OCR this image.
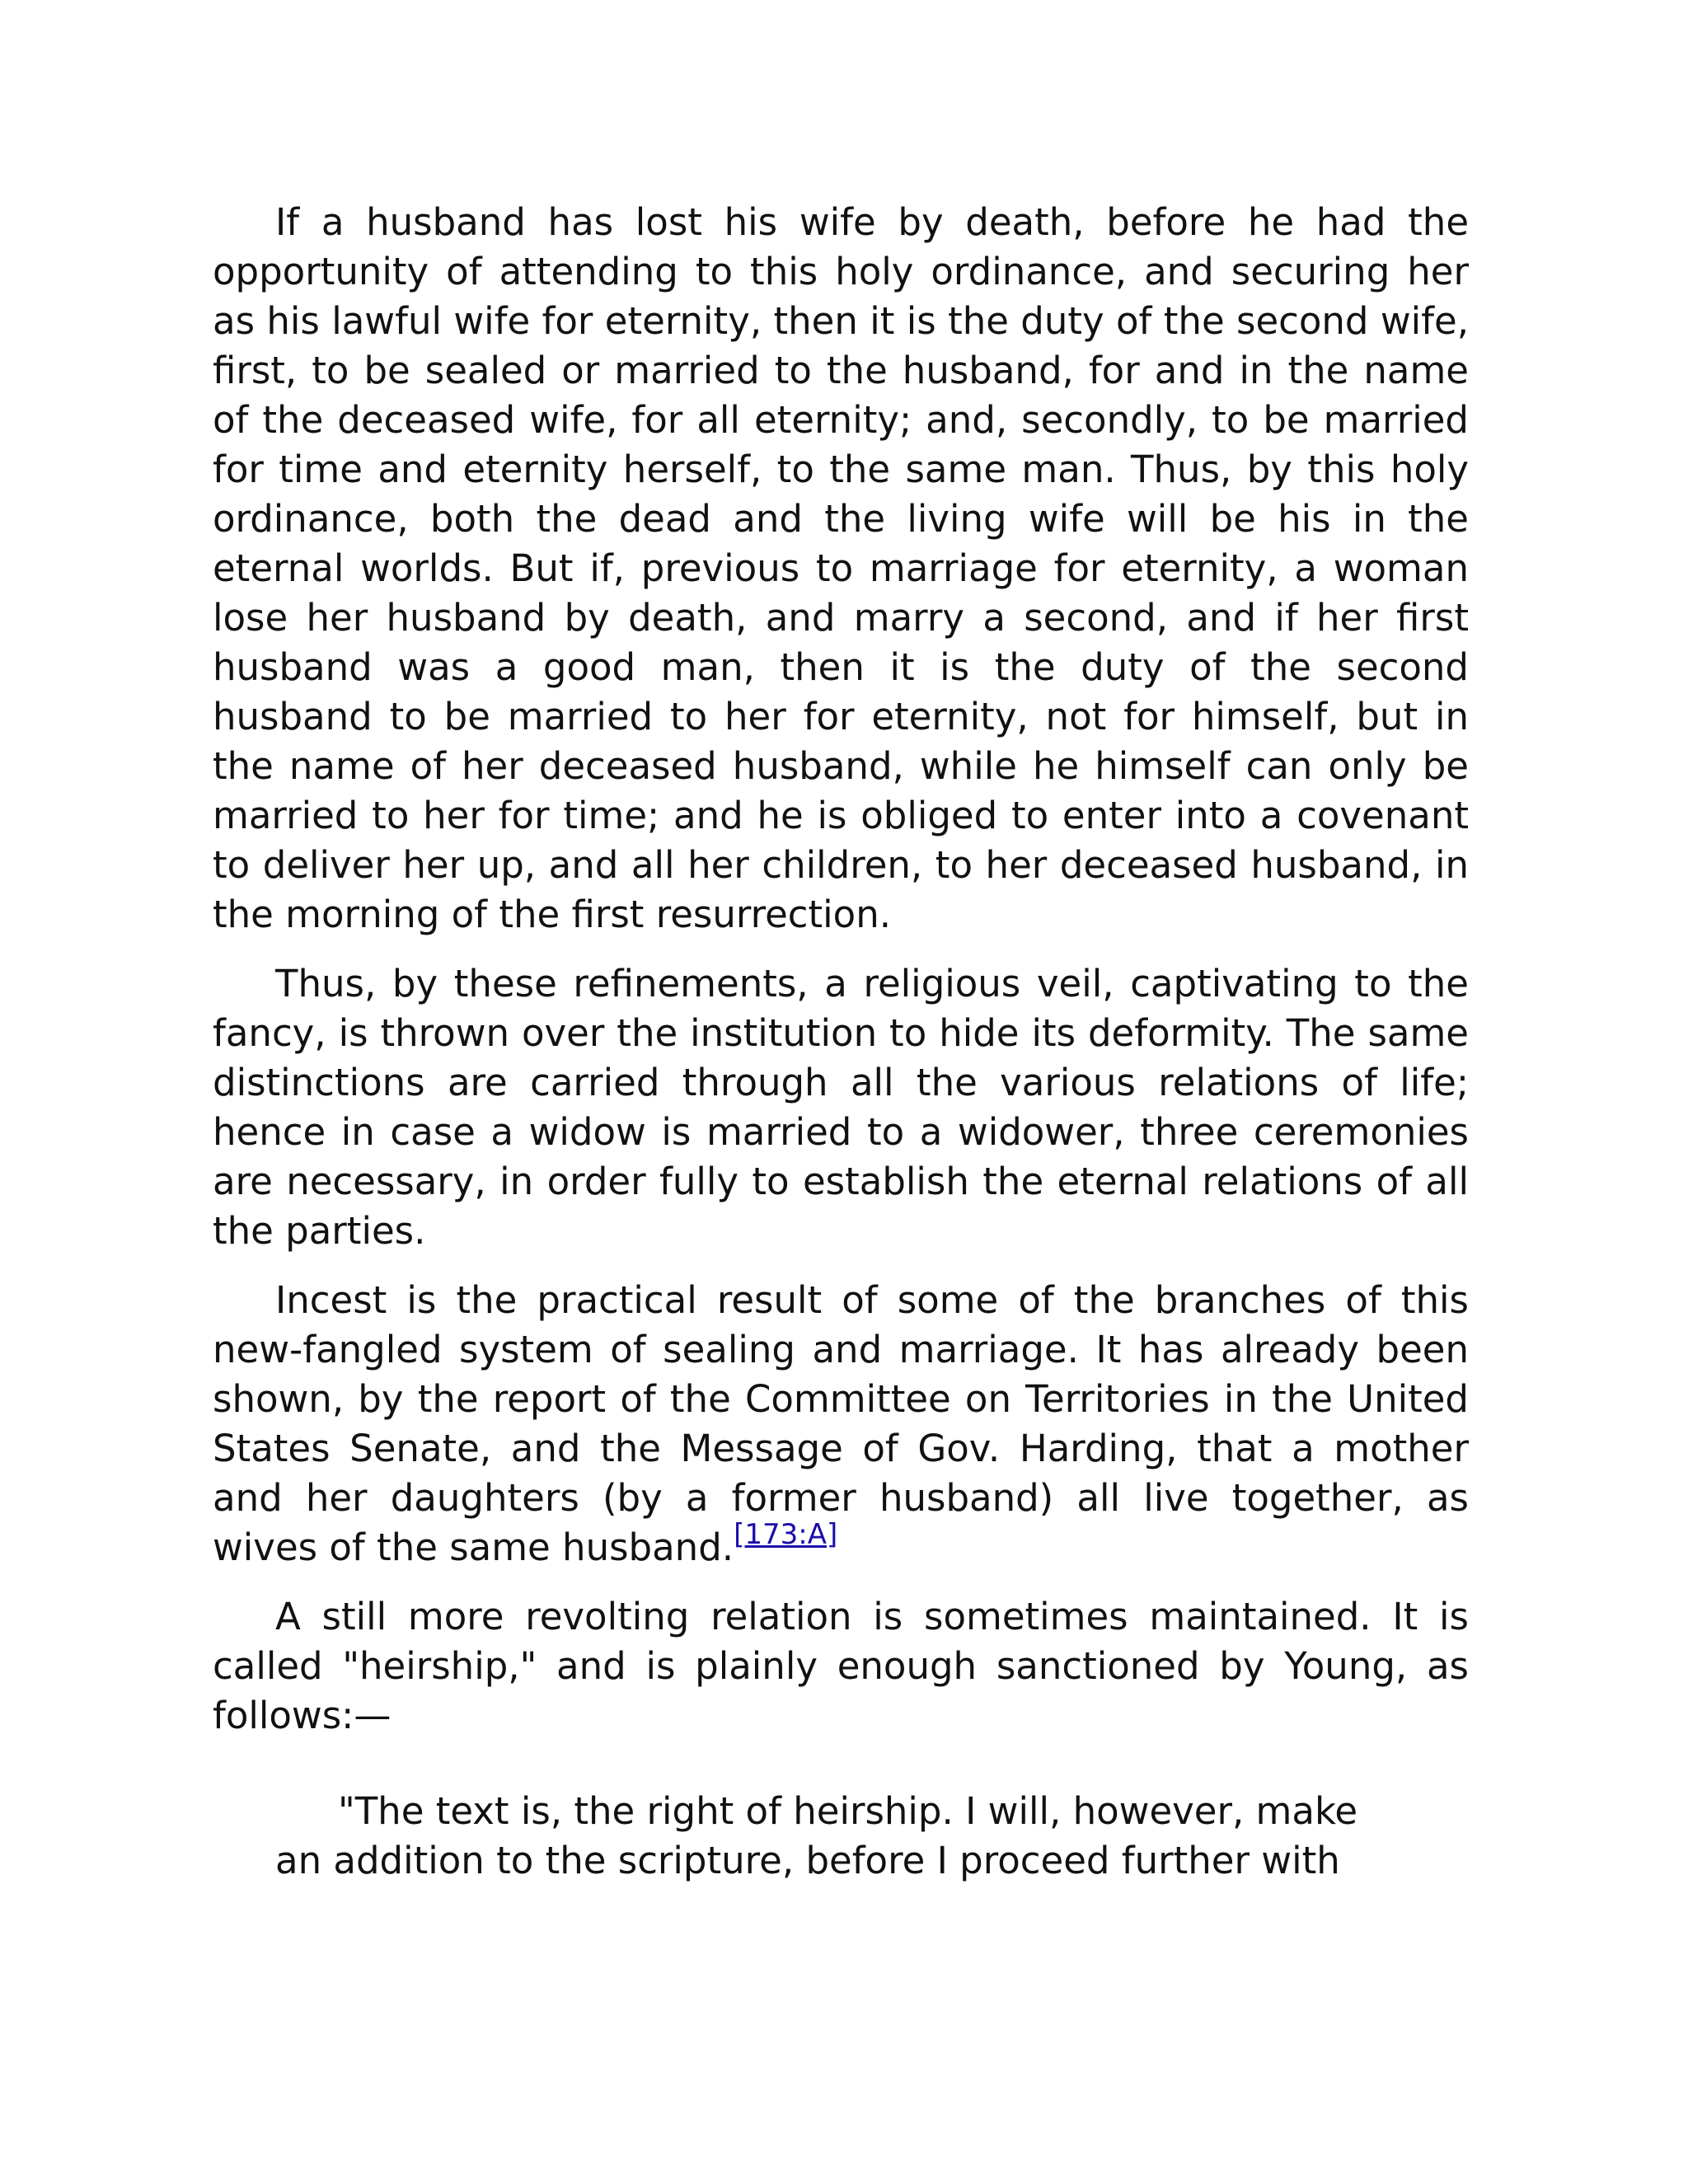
If a husband has lost his wife by death, before he had the opportunity of attending to this holy ordinance, and securing her as his lawful wife for eternity, then it is the duty of the second wife, first, to be sealed or married to the husband, for and in the name of the deceased wife, for all eternity; and, secondly, to be married for time and eternity herself, to the same man. Thus, by this holy ordinance, both the dead and the living wife will be his in the eternal worlds. But if, previous to marriage for eternity, a woman lose her husband by death, and marry a second, and if her first husband was a good man, then it is the duty of the second husband to be married to her for eternity, not for himself, but in the name of her deceased husband, while he himself can only be married to her for time; and he is obliged to enter into a covenant to deliver her up, and all her children, to her deceased husband, in the morning of the first resurrection.

Thus, by these refinements, a religious veil, captivating to the fancy, is thrown over the institution to hide its deformity. The same distinctions are carried through all the various relations of life; hence in case a widow is married to a widower, three ceremonies are necessary, in order fully to establish the eternal relations of all the parties.

Incest is the practical result of some of the branches of this new-fangled system of sealing and marriage. It has already been shown, by the report of the Committee on Territories in the United States Senate, and the Message of Gov. Harding, that a mother and her daughters (by a former husband) all live together, as wives of the same husband.[173:A]

A still more revolting relation is sometimes maintained. It is called "heirship," and is plainly enough sanctioned by Young, as follows:—

"The text is, the right of heirship. I will, however, make an addition to the scripture, before I proceed further with
